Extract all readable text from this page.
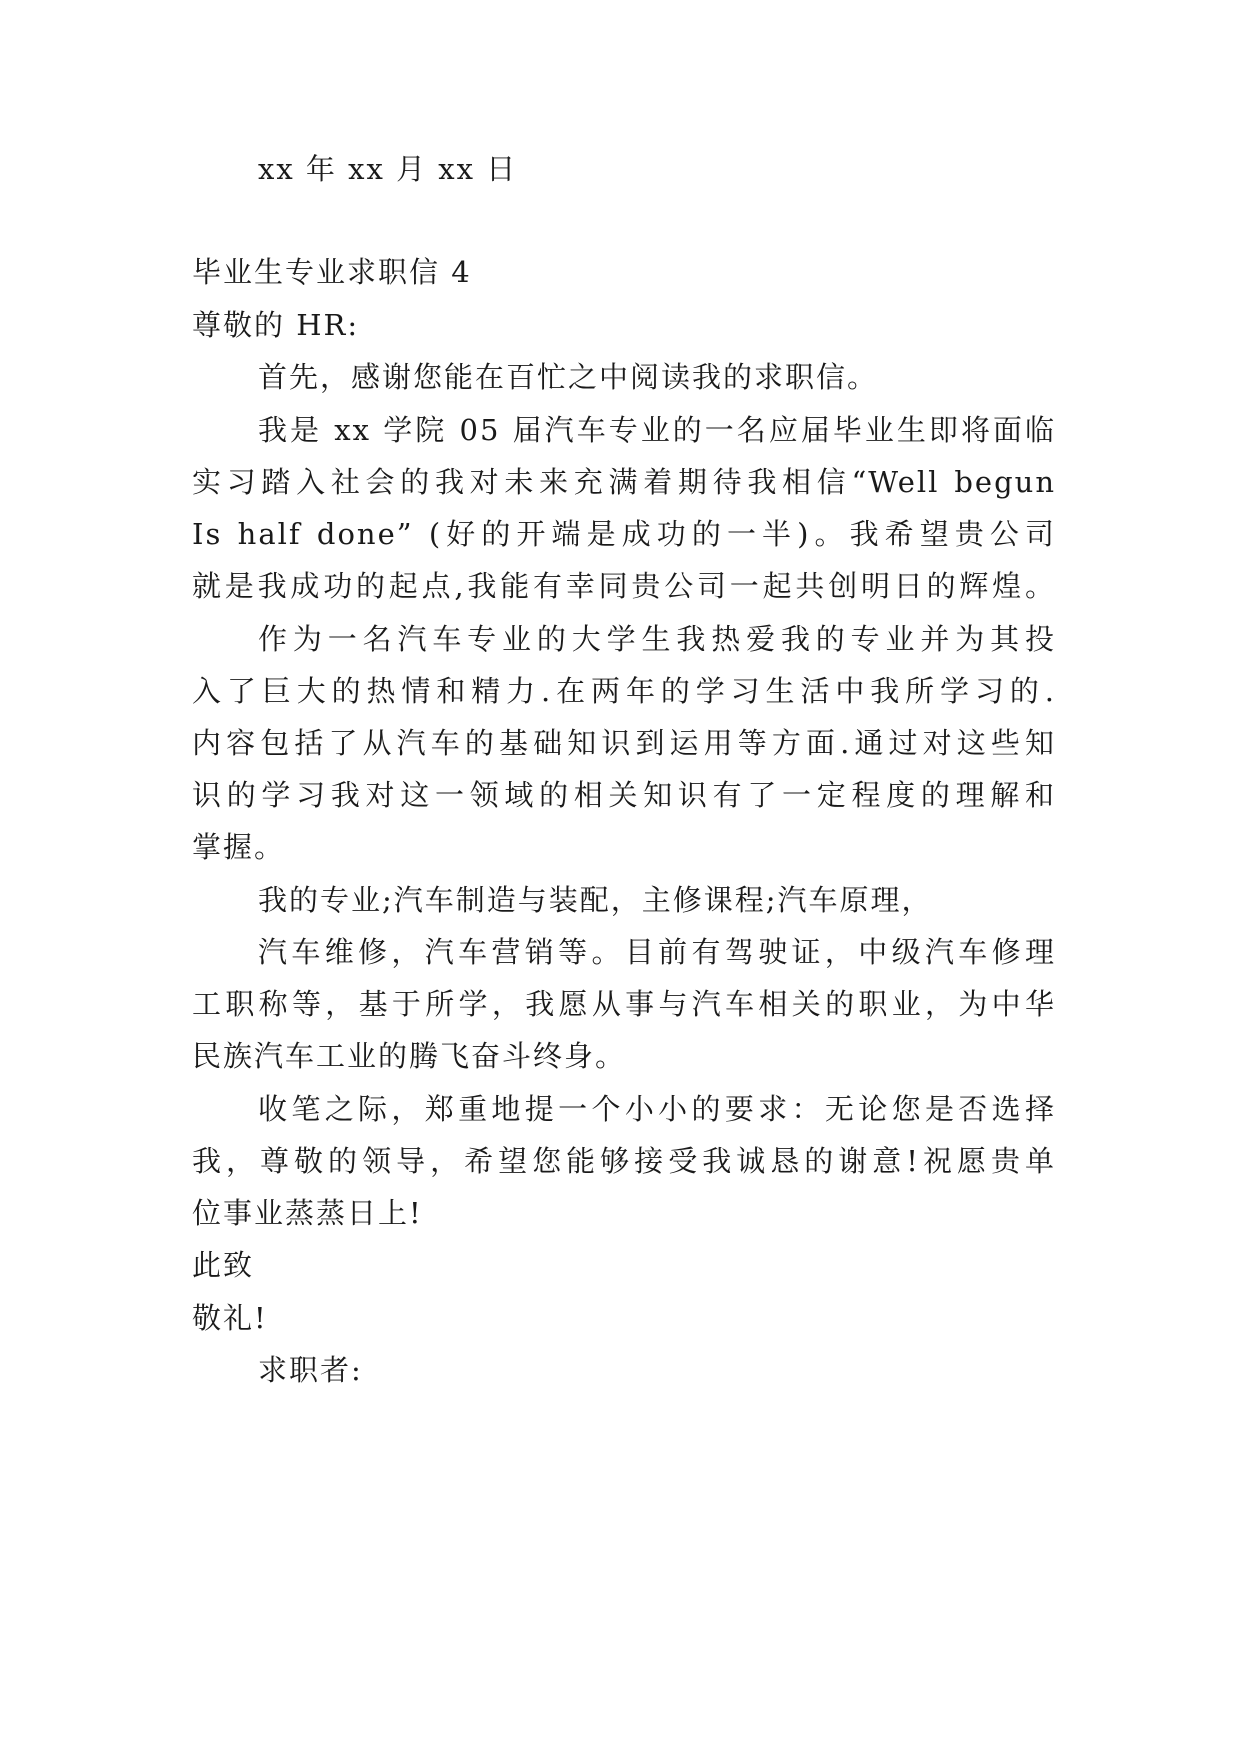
xx 年 xx 月 xx 日
毕业生专业求职信 4
尊敬的 HR:
首先，感谢您能在百忙之中阅读我的求职信。
我是 xx 学院 05 届汽车专业的一名应届毕业生即将面临
实习踏入社会的我对未来充满着期待我相信“Well begun
Is half done” (好的开端是成功的一半)。我希望贵公司
就是我成功的起点,我能有幸同贵公司一起共创明日的辉煌。
作为一名汽车专业的大学生我热爱我的专业并为其投
入了巨大的热情和精力.在两年的学习生活中我所学习的.
内容包括了从汽车的基础知识到运用等方面.通过对这些知
识的学习我对这一领域的相关知识有了一定程度的理解和
掌握。
我的专业;汽车制造与装配，主修课程;汽车原理，
汽车维修，汽车营销等。目前有驾驶证，中级汽车修理
工职称等，基于所学，我愿从事与汽车相关的职业，为中华
民族汽车工业的腾飞奋斗终身。
收笔之际，郑重地提一个小小的要求：无论您是否选择
我，尊敬的领导，希望您能够接受我诚恳的谢意!祝愿贵单
位事业蒸蒸日上!
此致
敬礼!
求职者:
